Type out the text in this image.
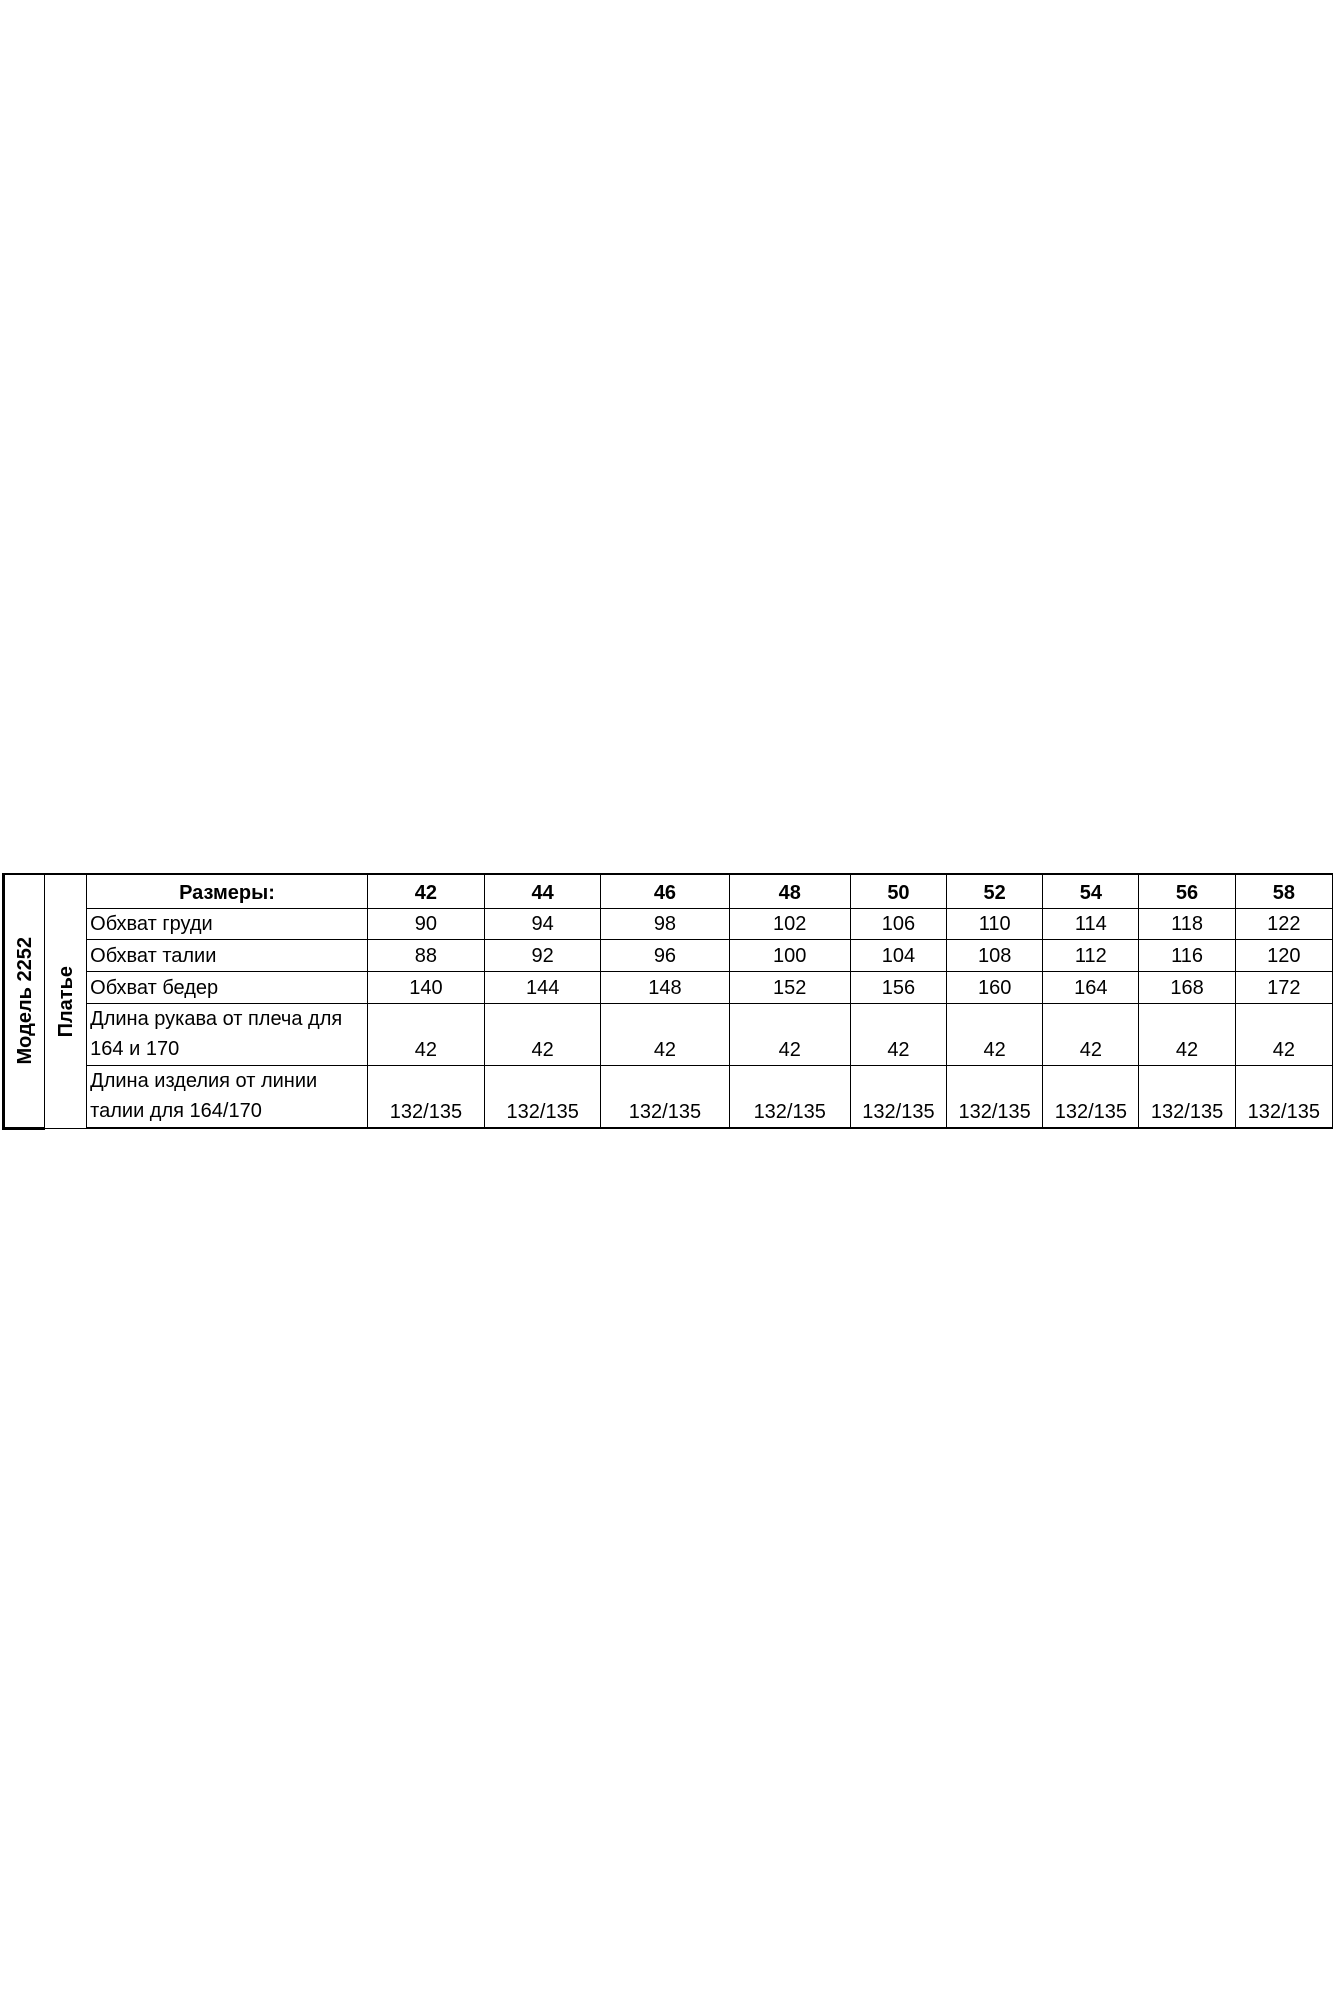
Модель 2252	Платье	Размеры:	42	44	46	48	50	52	54	56	58
		Обхват груди	90	94	98	102	106	110	114	118	122
		Обхват талии	88	92	96	100	104	108	112	116	120
		Обхват бедер	140	144	148	152	156	160	164	168	172
		Длина рукава от плеча для 164 и 170	42	42	42	42	42	42	42	42	42
		Длина изделия от линии талии для 164/170	132/135	132/135	132/135	132/135	132/135	132/135	132/135	132/135	132/135
